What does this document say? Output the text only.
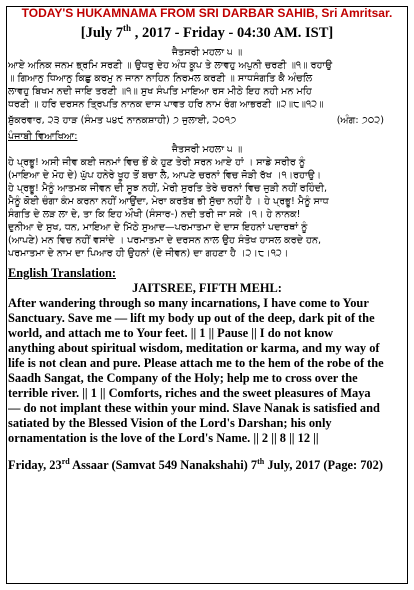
TODAY'S HUKAMNAMA FROM SRI DARBAR SAHIB, Sri Amritsar.
[July 7th , 2017 - Friday - 04:30 AM. IST]
ਜੈਤਸਰੀ ਮਹਲਾ ੫ ॥
ਆਏ ਅਨਿਕ ਜਨਮ ਭ੍ਰਮਿ ਸਰਣੀ ॥ ਉਧਰੁ ਦੇਹ ਅੰਧ ਕੂਪ ਤੇ ਲਾਵਹੁ ਅਪੁਨੀ ਚਰਣੀ ॥੧॥ ਰਹਾਉ
॥ ਗਿਆਨੁ ਧਿਆਨੁ ਕਿਛੁ ਕਰਮੁ ਨ ਜਾਨਾ ਨਾਹਿਨ ਨਿਰਮਲ ਕਰਣੀ ॥ ਸਾਧਸੰਗਤਿ ਕੈ ਅੰਚਲਿ
ਲਾਵਹੁ ਬਿਖਮ ਨਦੀ ਜਾਇ ਤਰਣੀ ॥੧॥ ਸੁਖ ਸੰਪਤਿ ਮਾਇਆ ਰਸ ਮੀਠੇ ਇਹ ਨਹੀ ਮਨ ਮਹਿ
ਧਰਣੀ ॥ ਹਰਿ ਦਰਸਨ ਤ੍ਰਿਪਤਿ ਨਾਨਕ ਦਾਸ ਪਾਵਤ ਹਰਿ ਨਾਮ ਰੰਗ ਆਭਰਣੀ ॥੨॥੮॥੧੨॥
ਸ਼ੁੱਕਰਵਾਰ, ੨੩ ਹਾੜ (ਸੰਮਤ ੫੪੯ ਨਾਨਕਸ਼ਾਹੀ) ੭ ਜੁਲਾਈ, ੨੦੧੭	(ਅੰਗ: ੭੦੨)
ਪੰਜਾਬੀ ਵਿਆਖਿਆ:
ਜੈਤਸਰੀ ਮਹਲਾ ੫ ॥
ਹੇ ਪ੍ਰਭੂ! ਅਸੀ ਜੀਵ ਕਈ ਜਨਮਾਂ ਵਿਚ ਭੌਂ ਕੇ ਹੁਣ ਤੇਰੀ ਸਰਨ ਆਏ ਹਾਂ । ਸਾਡੇ ਸਰੀਰ ਨੂੰ
(ਮਾਇਆ ਦੇ ਮੋਹ ਦੇ) ਘੁੱਪ ਹਨੇਰੇ ਖੂਹ ਤੋਂ ਬਚਾ ਲੈ, ਆਪਣੇ ਚਰਨਾਂ ਵਿਚ ਜੋੜੀ ਰੱਖ ।੧।ਰਹਾਉ।
ਹੇ ਪ੍ਰਭੂ! ਮੈਨੂੰ ਆਤਮਕ ਜੀਵਨ ਦੀ ਸੂਝ ਨਹੀਂ, ਮੇਰੀ ਸੁਰਤਿ ਤੇਰੇ ਚਰਨਾਂ ਵਿਚ ਜੁੜੀ ਨਹੀਂ ਰਹਿੰਦੀ,
ਮੈਨੂੰ ਕੋਈ ਚੰਗਾ ਕੰਮ ਕਰਨਾ ਨਹੀਂ ਆਉਂਦਾ, ਮੇਰਾ ਕਰਤੱਬ ਭੀ ਸੁੱਚਾ ਨਹੀਂ ਹੈ । ਹੇ ਪ੍ਰਭੂ! ਮੈਨੂੰ ਸਾਧ
ਸੰਗਤਿ ਦੇ ਲੜ ਲਾ ਦੇ, ਤਾ ਕਿ ਇਹ ਔਖੀ (ਸੰਸਾਰ-) ਨਦੀ ਤਰੀ ਜਾ ਸਕੇ ।੧। ਹੇ ਨਾਨਕ!
ਦੁਨੀਆ ਦੇ ਸੁਖ, ਧਨ, ਮਾਇਆ ਦੇ ਮਿੱਠੇ ਸੁਆਦ—ਪਰਮਾਤਮਾ ਦੇ ਦਾਸ ਇਹਨਾਂ ਪਦਾਰਥਾਂ ਨੂੰ
(ਆਪਣੇ) ਮਨ ਵਿਚ ਨਹੀਂ ਵਸਾਂਦੇ । ਪਰਮਾਤਮਾ ਦੇ ਦਰਸਨ ਨਾਲ ਉਹ ਸੰਤੋਖ ਹਾਸਲ ਕਰਦੇ ਹਨ,
ਪਰਮਾਤਮਾ ਦੇ ਨਾਮ ਦਾ ਪਿਆਰ ਹੀ ਉਹਨਾਂ (ਦੇ ਜੀਵਨ) ਦਾ ਗਹਣਾ ਹੈ ।੨।੮।੧੨।
English Translation:
JAITSREE, FIFTH MEHL:
After wandering through so many incarnations, I have come to Your
Sanctuary. Save me — lift my body up out of the deep, dark pit of the
world, and attach me to Your feet. || 1 || Pause || I do not know
anything about spiritual wisdom, meditation or karma, and my way of
life is not clean and pure. Please attach me to the hem of the robe of the
Saadh Sangat, the Company of the Holy; help me to cross over the
terrible river. || 1 || Comforts, riches and the sweet pleasures of Maya
— do not implant these within your mind. Slave Nanak is satisfied and
satiated by the Blessed Vision of the Lord's Darshan; his only
ornamentation is the love of the Lord's Name. || 2 || 8 || 12 ||
Friday, 23rd Assaar (Samvat 549 Nanakshahi) 7th July, 2017 (Page: 702)
